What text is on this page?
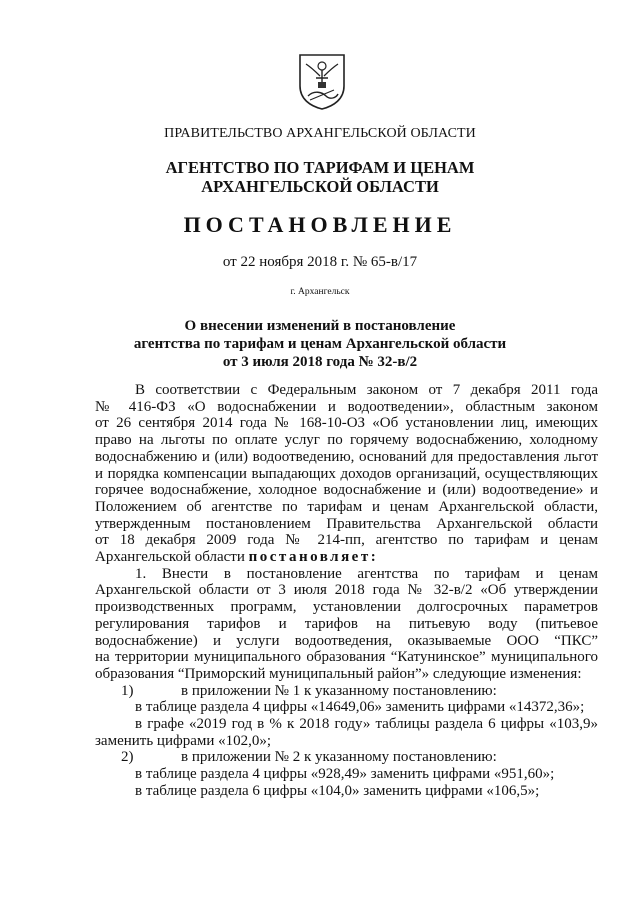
ПРАВИТЕЛЬСТВО АРХАНГЕЛЬСКОЙ ОБЛАСТИ
АГЕНТСТВО ПО ТАРИФАМ И ЦЕНАМ
АРХАНГЕЛЬСКОЙ ОБЛАСТИ
ПОСТАНОВЛЕНИЕ
от 22 ноября 2018 г. № 65-в/17
г. Архангельск
О внесении изменений в постановление
агентства по тарифам и ценам Архангельской области
от 3 июля 2018 года № 32-в/2

В соответствии с Федеральным законом от 7 декабря 2011 года

№ 416-ФЗ «О водоснабжении и водоотведении», областным законом

от 26 сентября 2014 года № 168-10-ОЗ «Об установлении лиц, имеющих

право на льготы по оплате услуг по горячему водоснабжению, холодному

водоснабжению и (или) водоотведению, оснований для предоставления льгот

и порядка компенсации выпадающих доходов организаций, осуществляющих

горячее водоснабжение, холодное водоснабжение и (или) водоотведение» и

Положением об агентстве по тарифам и ценам Архангельской области,

утвержденным постановлением Правительства Архангельской области

от 18 декабря 2009 года № 214-пп, агентство по тарифам и ценам

Архангельской области постановляет:

1. Внести в постановление агентства по тарифам и ценам

Архангельской области от 3 июля 2018 года № 32-в/2 «Об утверждении

производственных программ, установлении долгосрочных параметров

регулирования тарифов и тарифов на питьевую воду (питьевое

водоснабжение) и услуги водоотведения, оказываемые ООО “ПКС”

на территории муниципального образования “Катунинское” муниципального

образования “Приморский муниципальный район”» следующие изменения:

1)	в приложении № 1 к указанному постановлению:

в таблице раздела 4 цифры «14649,06» заменить цифрами «14372,36»;

в графе «2019 год в % к 2018 году» таблицы раздела 6 цифры «103,9»

заменить цифрами «102,0»;

2)	в приложении № 2 к указанному постановлению:

в таблице раздела 4 цифры «928,49» заменить цифрами «951,60»;

в таблице раздела 6 цифры «104,0» заменить цифрами «106,5»;
